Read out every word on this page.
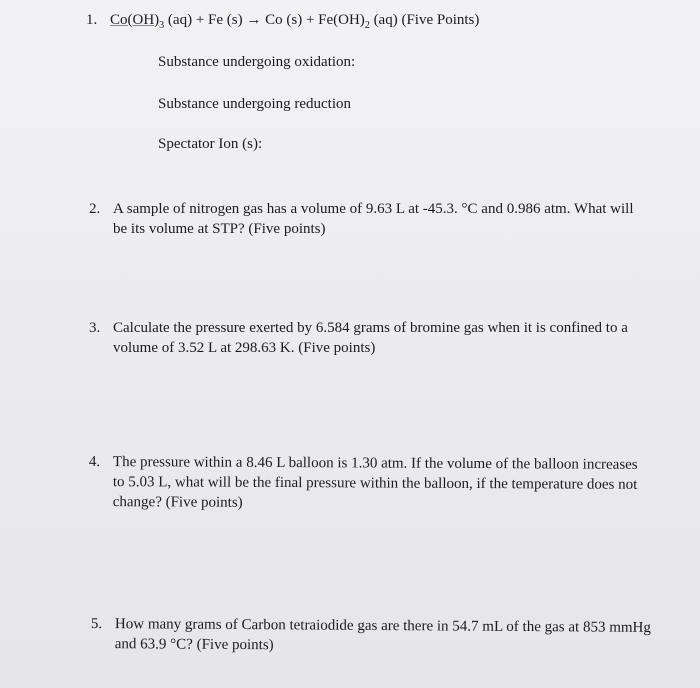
1. $Co(OH)_3$ (aq) + Fe (s) → Co $(s) + Fe(OH)_2$ (aq) (Five Points)
Substance undergoing oxidation:
Substance undergoing reduction
Spectator Ion (s):
2. A sample of nitrogen gas has a volume of 9.63 L at -45.3. °C and 0.986 atm. What will
be its volume at STP? (Five points)
3. Calculate the pressure exerted by 6.584 grams of bromine gas when it is confined to a
volume of 3.52 L at 298.63 K. (Five points)
4. The pressure within a 8.46 L balloon is 1.30 atm. If the volume of the balloon increases
to 5.03 L, what will be the final pressure within the balloon, if the temperature does not
change? (Five points)
5. How many grams of Carbon tetraiodide gas are there in 54.7 mL of the gas at 853 mmHg
and 63.9 °C? (Five points)
